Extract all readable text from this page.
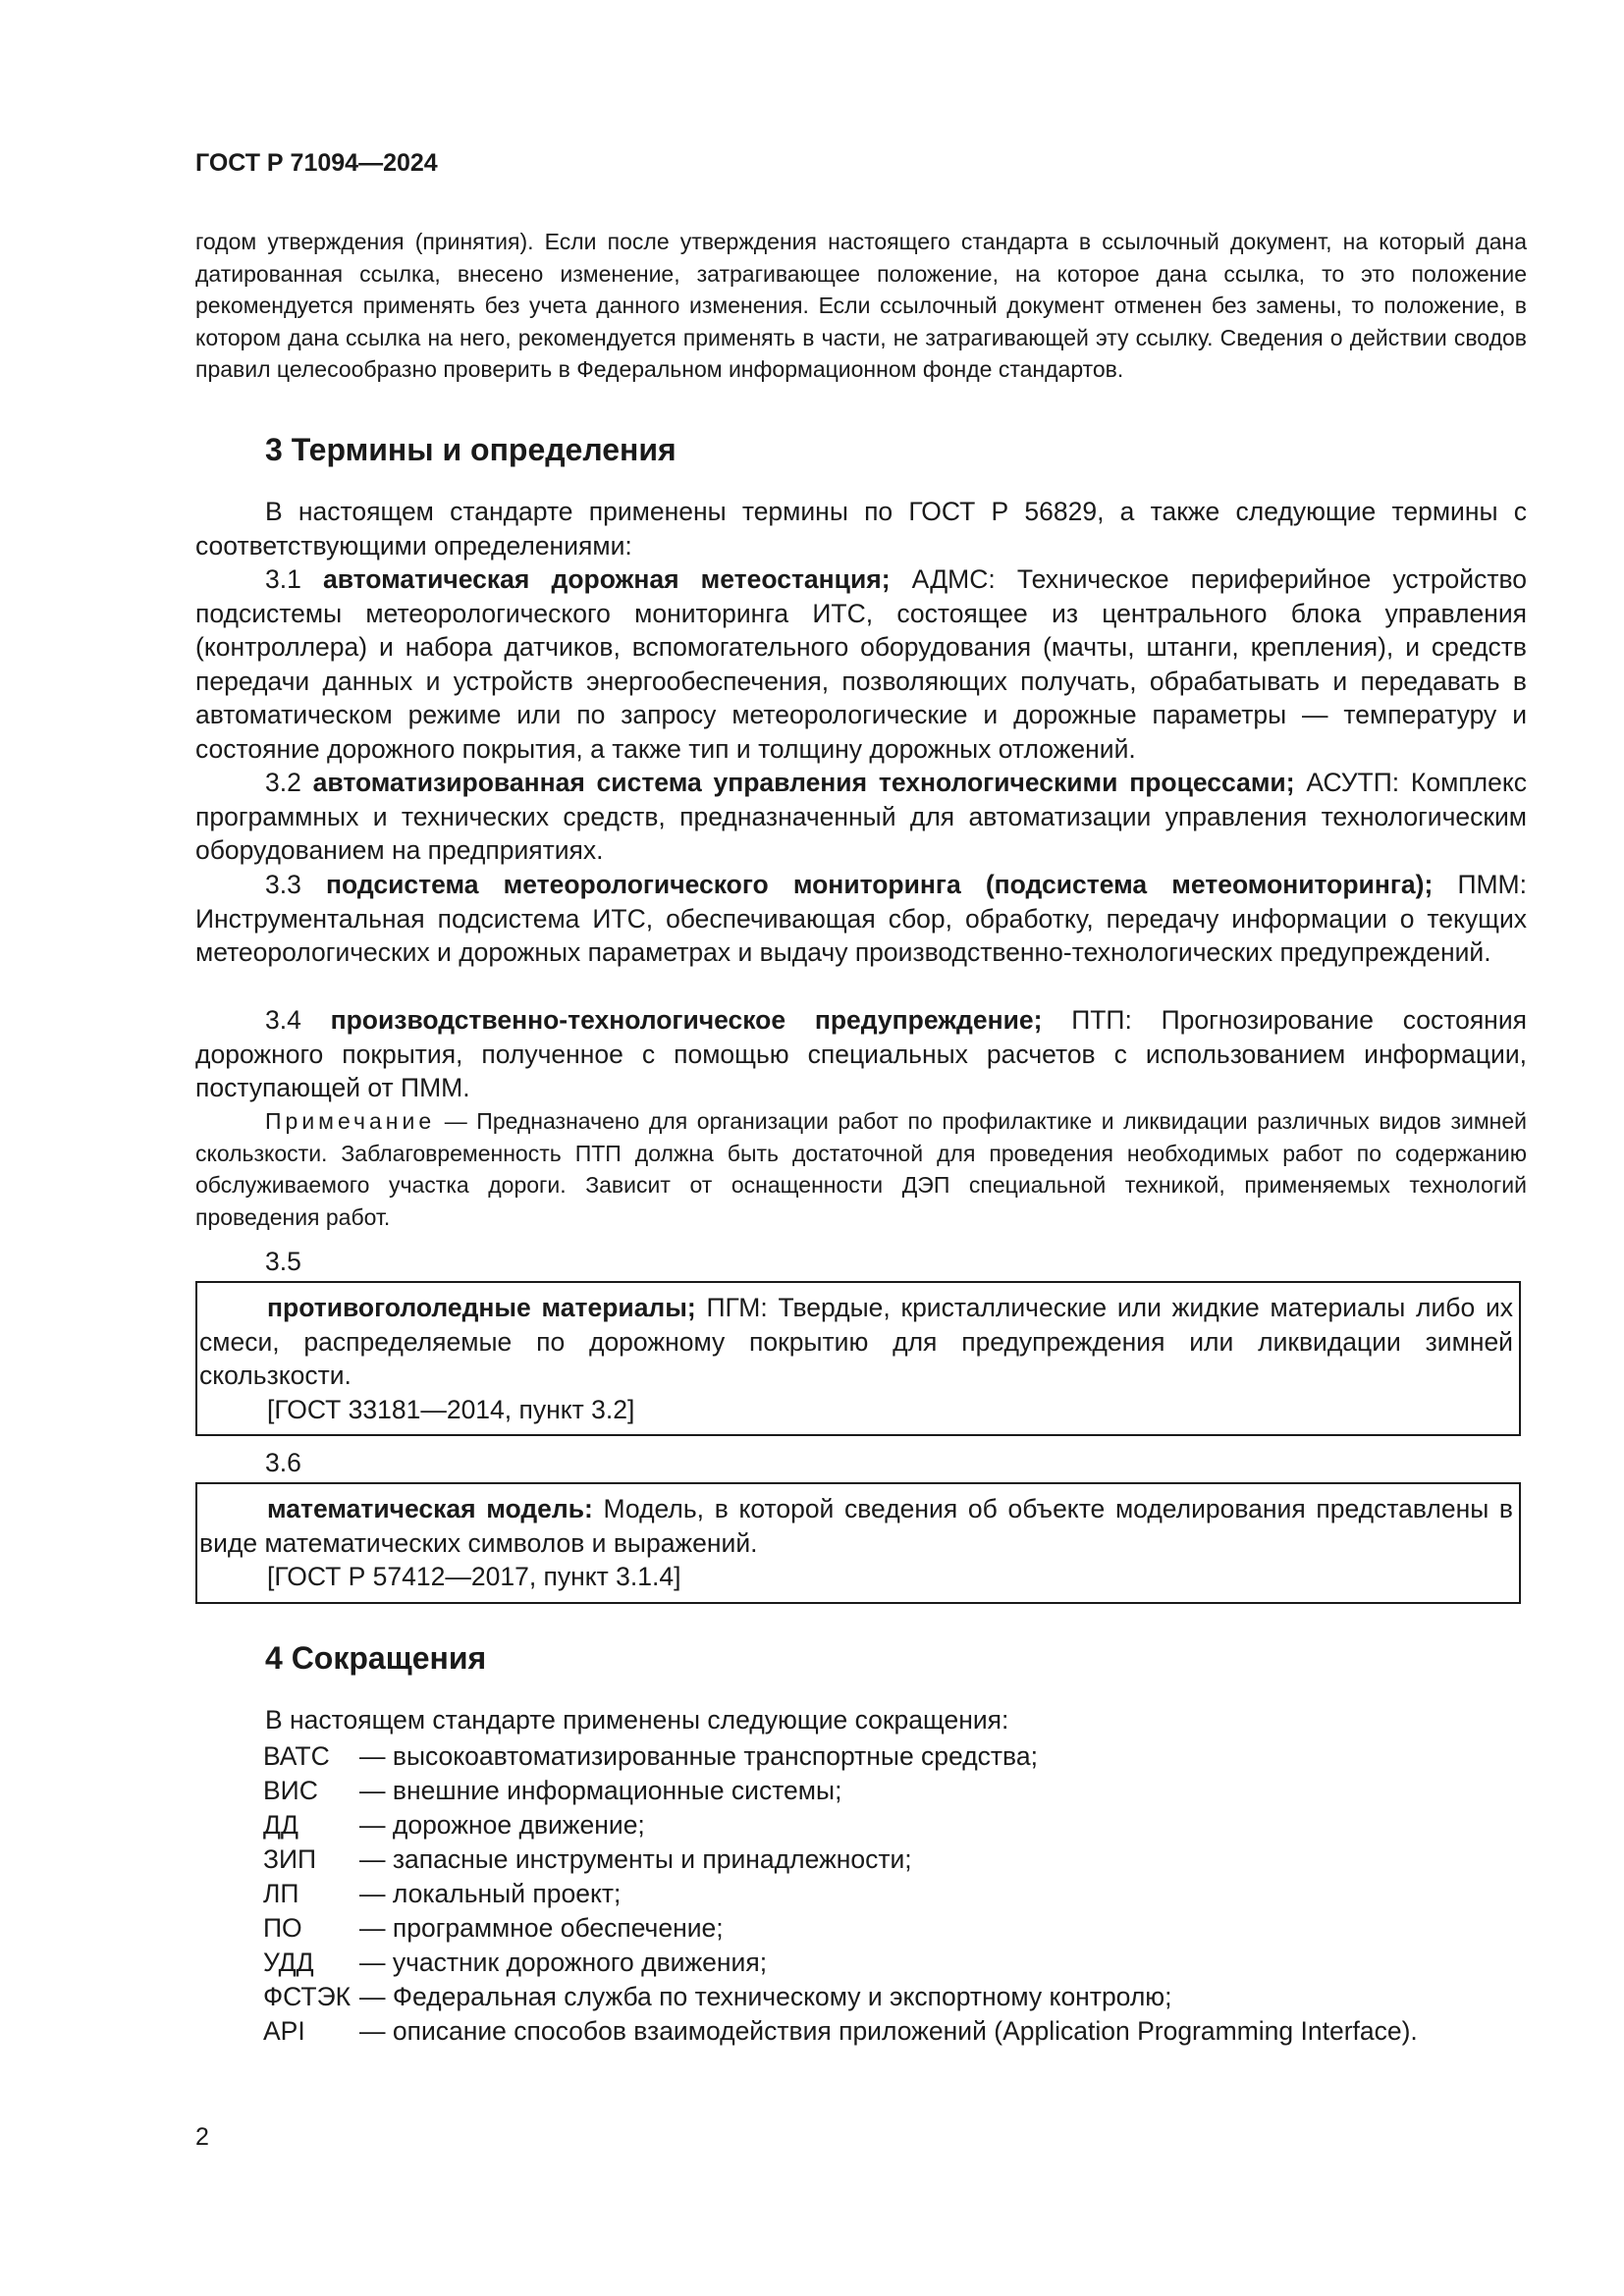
ГОСТ Р 71094—2024
годом утверждения (принятия). Если после утверждения настоящего стандарта в ссылочный документ, на который дана датированная ссылка, внесено изменение, затрагивающее положение, на которое дана ссылка, то это положение рекомендуется применять без учета данного изменения. Если ссылочный документ отменен без замены, то положение, в котором дана ссылка на него, рекомендуется применять в части, не затрагивающей эту ссылку. Сведения о действии сводов правил целесообразно проверить в Федеральном информационном фонде стандартов.
3 Термины и определения
В настоящем стандарте применены термины по ГОСТ Р 56829, а также следующие термины с соответствующими определениями:
3.1 автоматическая дорожная метеостанция; АДМС: Техническое периферийное устройство подсистемы метеорологического мониторинга ИТС, состоящее из центрального блока управления (контроллера) и набора датчиков, вспомогательного оборудования (мачты, штанги, крепления), и средств передачи данных и устройств энергообеспечения, позволяющих получать, обрабатывать и передавать в автоматическом режиме или по запросу метеорологические и дорожные параметры — температуру и состояние дорожного покрытия, а также тип и толщину дорожных отложений.
3.2 автоматизированная система управления технологическими процессами; АСУТП: Комплекс программных и технических средств, предназначенный для автоматизации управления технологическим оборудованием на предприятиях.
3.3 подсистема метеорологического мониторинга (подсистема метеомониторинга); ПММ: Инструментальная подсистема ИТС, обеспечивающая сбор, обработку, передачу информации о текущих метеорологических и дорожных параметрах и выдачу производственно-технологических предупреждений.
3.4 производственно-технологическое предупреждение; ПТП: Прогнозирование состояния дорожного покрытия, полученное с помощью специальных расчетов с использованием информации, поступающей от ПММ.
Примечание — Предназначено для организации работ по профилактике и ликвидации различных видов зимней скользкости. Заблаговременность ПТП должна быть достаточной для проведения необходимых работ по содержанию обслуживаемого участка дороги. Зависит от оснащенности ДЭП специальной техникой, применяемых технологий проведения работ.
3.5
противогололедные материалы; ПГМ: Твердые, кристаллические или жидкие материалы либо их смеси, распределяемые по дорожному покрытию для предупреждения или ликвидации зимней скользкости.
[ГОСТ 33181—2014, пункт 3.2]
3.6
математическая модель: Модель, в которой сведения об объекте моделирования представлены в виде математических символов и выражений.
[ГОСТ Р 57412—2017, пункт 3.1.4]
4 Сокращения
В настоящем стандарте применены следующие сокращения:
ВАТС — высокоавтоматизированные транспортные средства;
ВИС — внешние информационные системы;
ДД — дорожное движение;
ЗИП — запасные инструменты и принадлежности;
ЛП — локальный проект;
ПО — программное обеспечение;
УДД — участник дорожного движения;
ФСТЭК — Федеральная служба по техническому и экспортному контролю;
API — описание способов взаимодействия приложений (Application Programming Interface).
2
